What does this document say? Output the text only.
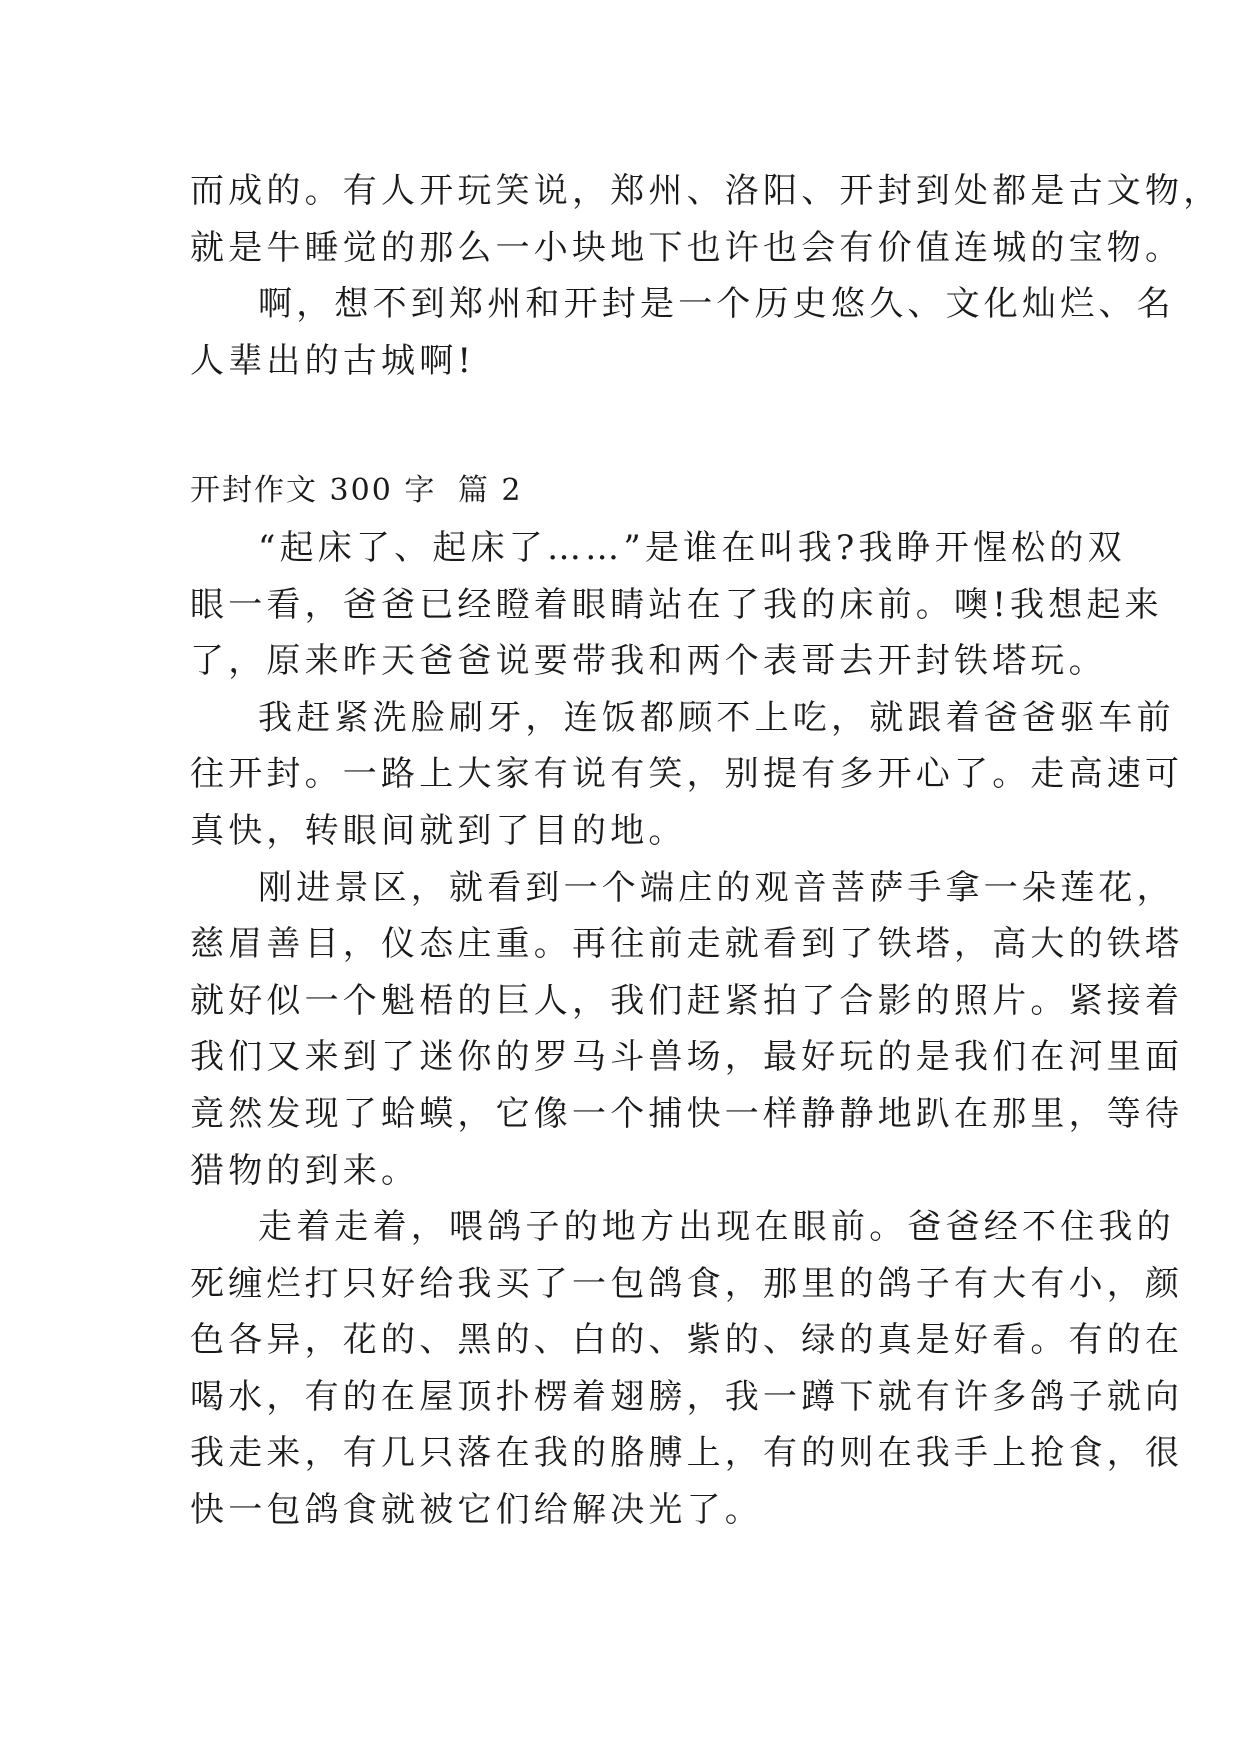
而成的。有人开玩笑说，郑州、洛阳、开封到处都是古文物，
就是牛睡觉的那么一小块地下也许也会有价值连城的宝物。
啊，想不到郑州和开封是一个历史悠久、文化灿烂、名
人辈出的古城啊!
开封作文 300 字 篇 2
“起床了、起床了……”是谁在叫我?我睁开惺松的双
眼一看，爸爸已经瞪着眼睛站在了我的床前。噢!我想起来
了，原来昨天爸爸说要带我和两个表哥去开封铁塔玩。
我赶紧洗脸刷牙，连饭都顾不上吃，就跟着爸爸驱车前
往开封。一路上大家有说有笑，别提有多开心了。走高速可
真快，转眼间就到了目的地。
刚进景区，就看到一个端庄的观音菩萨手拿一朵莲花，
慈眉善目，仪态庄重。再往前走就看到了铁塔，高大的铁塔
就好似一个魁梧的巨人，我们赶紧拍了合影的照片。紧接着
我们又来到了迷你的罗马斗兽场，最好玩的是我们在河里面
竟然发现了蛤蟆，它像一个捕快一样静静地趴在那里，等待
猎物的到来。
走着走着，喂鸽子的地方出现在眼前。爸爸经不住我的
死缠烂打只好给我买了一包鸽食，那里的鸽子有大有小，颜
色各异，花的、黑的、白的、紫的、绿的真是好看。有的在
喝水，有的在屋顶扑楞着翅膀，我一蹲下就有许多鸽子就向
我走来，有几只落在我的胳膊上，有的则在我手上抢食，很
快一包鸽食就被它们给解决光了。
